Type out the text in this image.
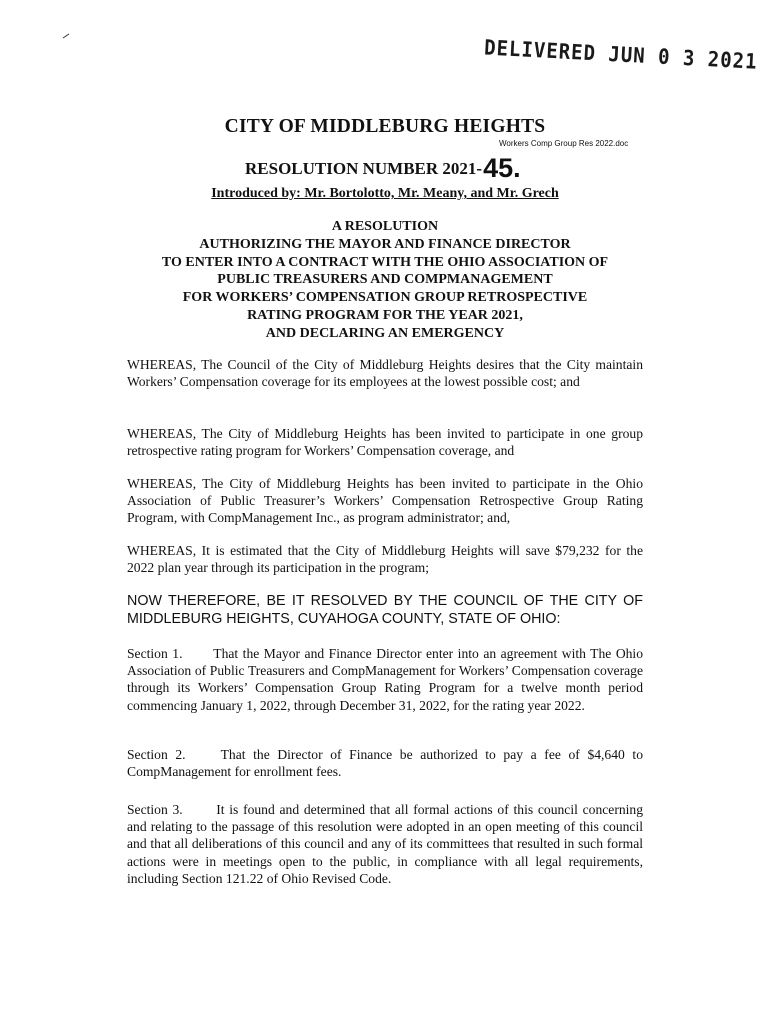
DELIVERED JUN 0 3 2021
CITY OF MIDDLEBURG HEIGHTS
Workers Comp Group Res 2022.doc
RESOLUTION NUMBER 2021-45.
Introduced by: Mr. Bortolotto, Mr. Meany, and Mr. Grech
A RESOLUTION
AUTHORIZING THE MAYOR AND FINANCE DIRECTOR
TO ENTER INTO A CONTRACT WITH THE OHIO ASSOCIATION OF
PUBLIC TREASURERS AND COMPMANAGEMENT
FOR WORKERS’ COMPENSATION GROUP RETROSPECTIVE
RATING PROGRAM FOR THE YEAR 2021,
AND DECLARING AN EMERGENCY
WHEREAS, The Council of the City of Middleburg Heights desires that the City maintain Workers’ Compensation coverage for its employees at the lowest possible cost; and
WHEREAS, The City of Middleburg Heights has been invited to participate in one group retrospective rating program for Workers’ Compensation coverage, and
WHEREAS, The City of Middleburg Heights has been invited to participate in the Ohio Association of Public Treasurer’s Workers’ Compensation Retrospective Group Rating Program, with CompManagement Inc., as program administrator; and,
WHEREAS, It is estimated that the City of Middleburg Heights will save $79,232 for the 2022 plan year through its participation in the program;
NOW THEREFORE, BE IT RESOLVED BY THE COUNCIL OF THE CITY OF MIDDLEBURG HEIGHTS, CUYAHOGA COUNTY, STATE OF OHIO:
Section 1. That the Mayor and Finance Director enter into an agreement with The Ohio Association of Public Treasurers and CompManagement for Workers’ Compensation coverage through its Workers’ Compensation Group Rating Program for a twelve month period commencing January 1, 2022, through December 31, 2022, for the rating year 2022.
Section 2.	That the Director of Finance be authorized to pay a fee of $4,640 to CompManagement for enrollment fees.
Section 3. It is found and determined that all formal actions of this council concerning and relating to the passage of this resolution were adopted in an open meeting of this council and that all deliberations of this council and any of its committees that resulted in such formal actions were in meetings open to the public, in compliance with all legal requirements, including Section 121.22 of Ohio Revised Code.
